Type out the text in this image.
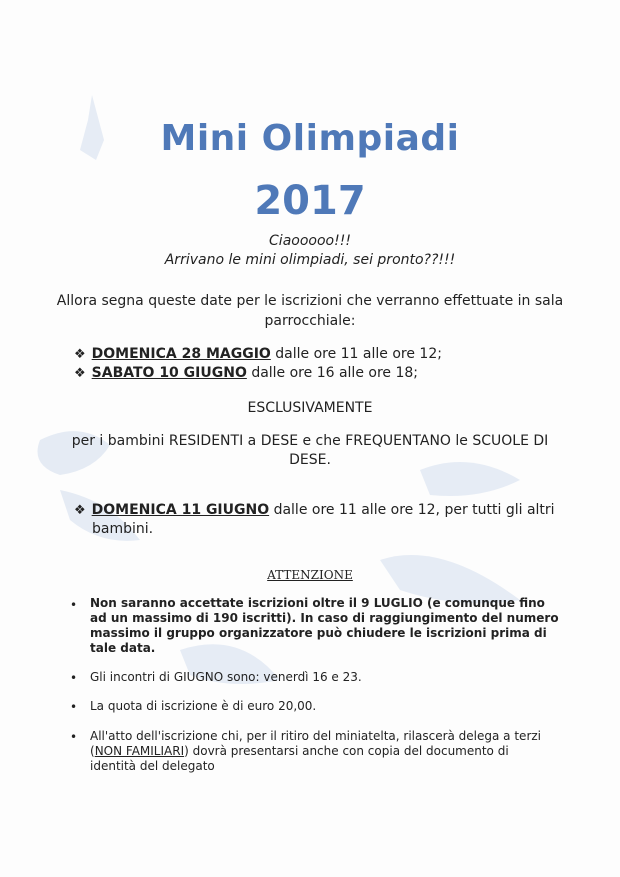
Mini Olimpiadi
2017
Ciaooooo!!!
Arrivano le mini olimpiadi, sei pronto??!!!
Allora segna queste date per le iscrizioni che verranno effettuate in sala
parrocchiale:
❖ DOMENICA 28 MAGGIO dalle ore 11 alle ore 12;
❖ SABATO 10 GIUGNO dalle ore 16 alle ore 18;
ESCLUSIVAMENTE
per i bambini RESIDENTI a DESE e che FREQUENTANO le SCUOLE DI
DESE.
❖ DOMENICA 11 GIUGNO dalle ore 11 alle ore 12, per tutti gli altri
bambini.
ATTENZIONE
• Non saranno accettate iscrizioni oltre il 9 LUGLIO (e comunque fino
ad un massimo di 190 iscritti). In caso di raggiungimento del numero
massimo il gruppo organizzatore può chiudere le iscrizioni prima di
tale data.
• Gli incontri di GIUGNO sono: venerdì 16 e 23.
• La quota di iscrizione è di euro 20,00.
• All'atto dell'iscrizione chi, per il ritiro del miniatelta, rilascerà delega a terzi
(NON FAMILIARI) dovrà presentarsi anche con copia del documento di
identità del delegato
